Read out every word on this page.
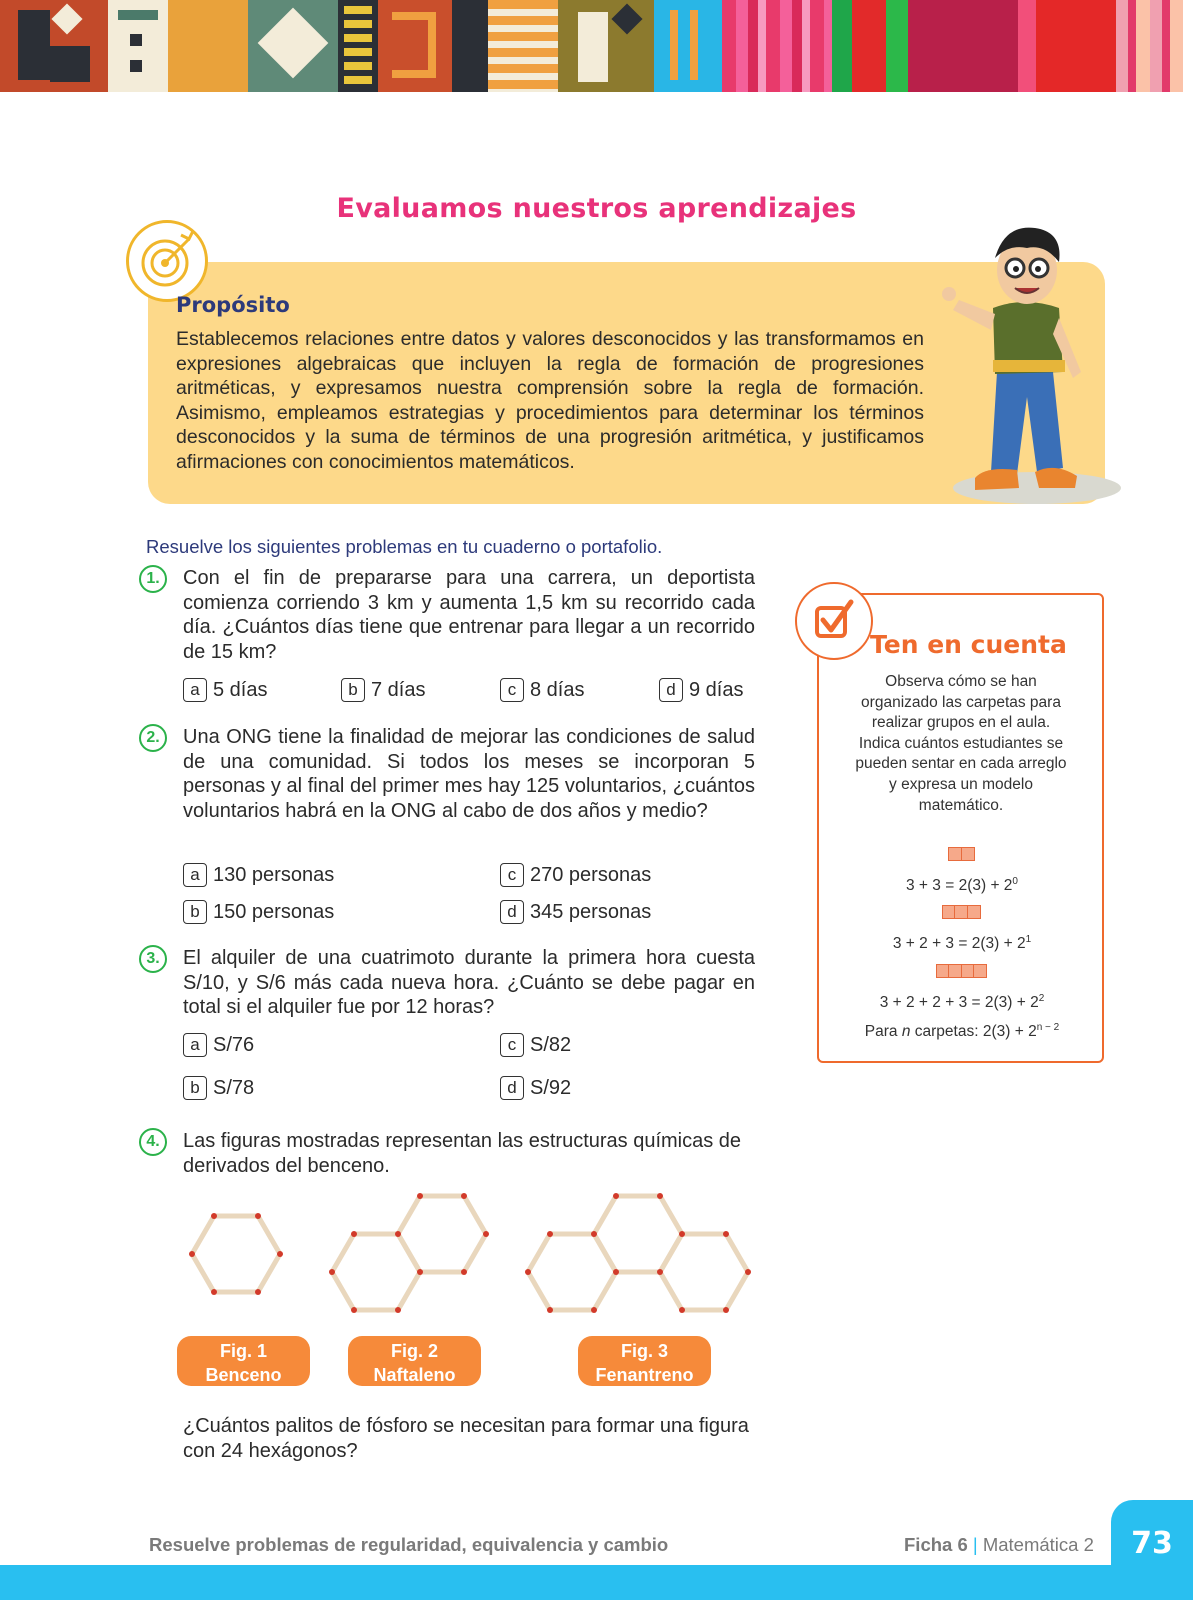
Evaluamos nuestros aprendizajes
Propósito
Establecemos relaciones entre datos y valores desconocidos y las transformamos en expresiones algebraicas que incluyen la regla de formación de progresiones aritméticas, y expresamos nuestra comprensión sobre la regla de formación. Asimismo, empleamos estrategias y procedimientos para determinar los términos desconocidos y la suma de términos de una progresión aritmética, y justificamos afirmaciones con conocimientos matemáticos.
Resuelve los siguientes problemas en tu cuaderno o portafolio.
1.	Con el fin de prepararse para una carrera, un deportista comienza corriendo 3 km y aumenta 1,5 km su recorrido cada día. ¿Cuántos días tiene que entrenar para llegar a un recorrido de 15 km?
a 5 días	b 7 días	c 8 días	d 9 días
2.	Una ONG tiene la finalidad de mejorar las condiciones de salud de una comunidad. Si todos los meses se incorporan 5 personas y al final del primer mes hay 125 voluntarios, ¿cuántos voluntarios habrá en la ONG al cabo de dos años y medio?
a 130 personas
b 150 personas
c 270 personas
d 345 personas
3.	El alquiler de una cuatrimoto durante la primera hora cuesta S/10, y S/6 más cada nueva hora. ¿Cuánto se debe pagar en total si el alquiler fue por 12 horas?
a S/76
b S/78
c S/82
d S/92
4.	Las figuras mostradas representan las estructuras químicas de derivados del benceno.
Fig. 1
Benceno
Fig. 2
Naftaleno
Fig. 3
Fenantreno
¿Cuántos palitos de fósforo se necesitan para formar una figura con 24 hexágonos?
Ten en cuenta
Observa cómo se han organizado las carpetas para realizar grupos en el aula. Indica cuántos estudiantes se pueden sentar en cada arreglo y expresa un modelo matemático.
$3 + 3 = 2(3) + 2^0$
$3 + 2 + 3 = 2(3) + 2^1$
$3 + 2 + 2 + 3 = 2(3) + 2^2$
Para n carpetas: $2(3) + 2^{n - 2}$
Resuelve problemas de regularidad, equivalencia y cambio	Ficha 6 | Matemática 2	73
